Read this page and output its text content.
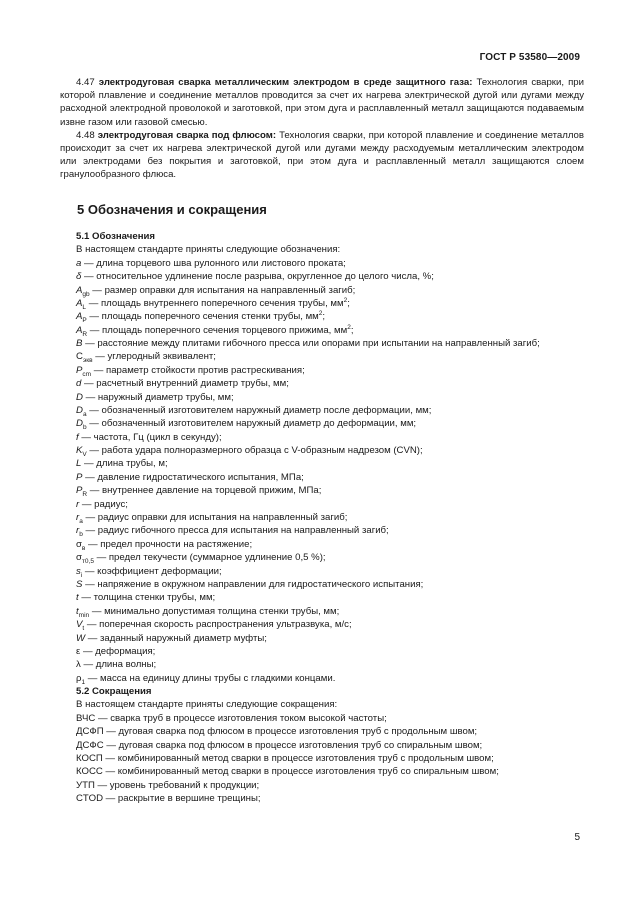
ГОСТ Р 53580—2009

4.47 электродуговая сварка металлическим электродом в среде защитного газа: Технология сварки, при которой плавление и соединение металлов проводится за счет их нагрева электрической дугой или дугами между расходной электродной проволокой и заготовкой, при этом дуга и расплавленный металл защищаются подаваемым извне газом или газовой смесью.

4.48 электродуговая сварка под флюсом: Технология сварки, при которой плавление и соединение металлов происходит за счет их нагрева электрической дугой или дугами между расходуемым металлическим электродом или электродами без покрытия и заготовкой, при этом дуга и расплавленный металл защищаются слоем гранулообразного флюса.

5 Обозначения и сокращения
5.1 Обозначения
В настоящем стандарте приняты следующие обозначения:
a — длина торцевого шва рулонного или листового проката;
δ — относительное удлинение после разрыва, округленное до целого числа, %;
$A_{gb}$ — размер оправки для испытания на направленный загиб;
$A_L$ — площадь внутреннего поперечного сечения трубы, $мм^2$;
$A_P$ — площадь поперечного сечения стенки трубы, $мм^2$;
$A_R$ — площадь поперечного сечения торцевого прижима, $мм^2$;
B — расстояние между плитами гибочного пресса или опорами при испытании на направленный загиб;
$C_{экв}$ — углеродный эквивалент;
$P_{cm}$ — параметр стойкости против растрескивания;
d — расчетный внутренний диаметр трубы, мм;
D — наружный диаметр трубы, мм;
$D_a$ — обозначенный изготовителем наружный диаметр после деформации, мм;
$D_b$ — обозначенный изготовителем наружный диаметр до деформации, мм;
f — частота, Гц (цикл в секунду);
$K_V$ — работа удара полноразмерного образца с V-образным надрезом (CVN);
L — длина трубы, м;
P — давление гидростатического испытания, МПа;
$P_R$ — внутреннее давление на торцевой прижим, МПа;
r — радиус;
$r_a$ — радиус оправки для испытания на направленный загиб;
$r_b$ — радиус гибочного пресса для испытания на направленный загиб;
$\sigma_в$ — предел прочности на растяжение;
$\sigma_{т0,5}$ — предел текучести (суммарное удлинение 0,5 %);
$s_i$ — коэффициент деформации;
S — напряжение в окружном направлении для гидростатического испытания;
t — толщина стенки трубы, мм;
$t_{min}$ — минимально допустимая толщина стенки трубы, мм;
$V_t$ — поперечная скорость распространения ультразвука, м/с;
W — заданный наружный диаметр муфты;
ε — деформация;
λ — длина волны;
$\rho_1$ — масса на единицу длины трубы с гладкими концами.
5.2 Сокращения
В настоящем стандарте приняты следующие сокращения:
ВЧС — сварка труб в процессе изготовления током высокой частоты;
ДСФП — дуговая сварка под флюсом в процессе изготовления труб с продольным швом;
ДСФС — дуговая сварка под флюсом в процессе изготовления труб со спиральным швом;
КОСП — комбинированный метод сварки в процессе изготовления труб с продольным швом;
КОСС — комбинированный метод сварки в процессе изготовления труб со спиральным швом;
УТП — уровень требований к продукции;
CTOD — раскрытие в вершине трещины;
5
